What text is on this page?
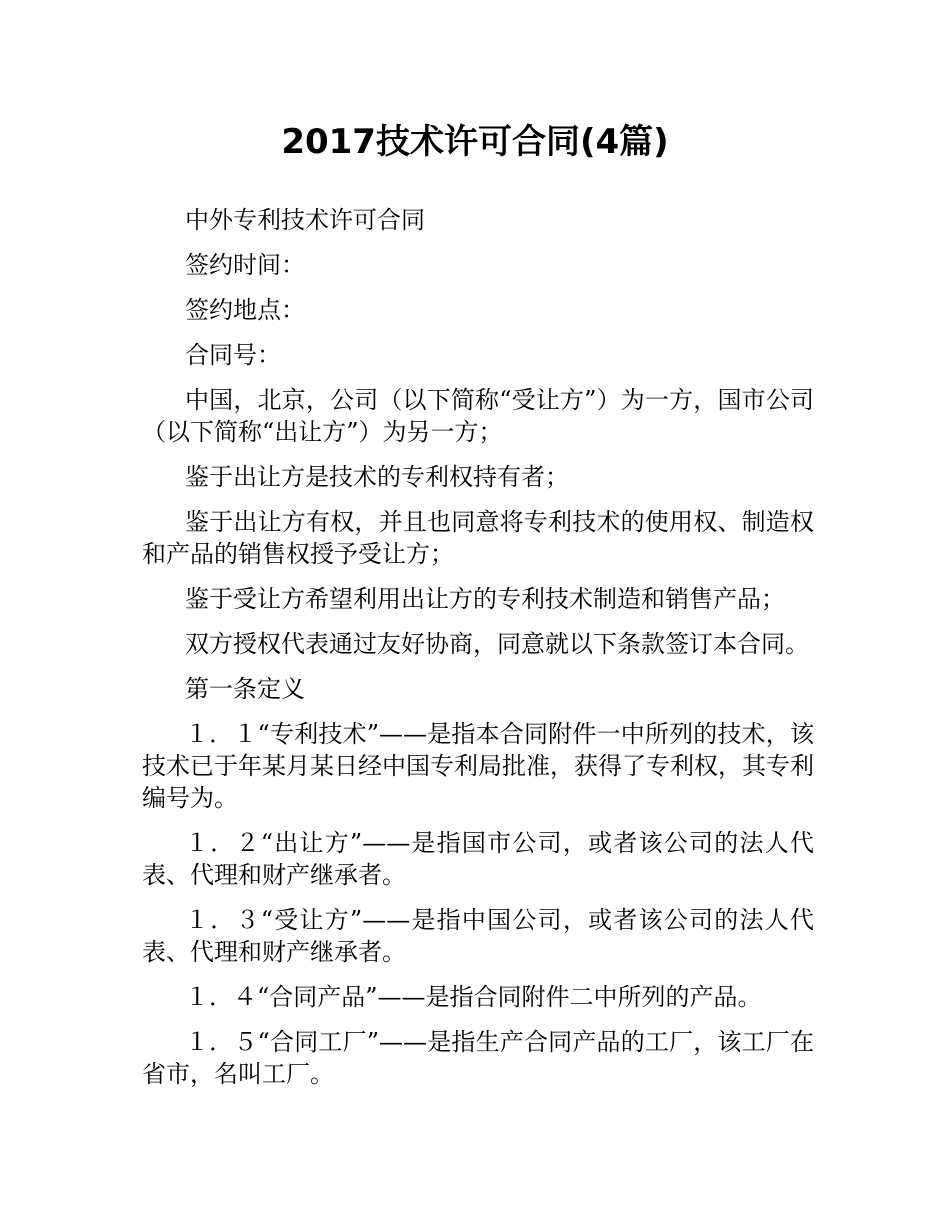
2017技术许可合同(4篇)

中外专利技术许可合同

签约时间：

签约地点：

合同号：

中国，北京，公司（以下简称“受让方”）为一方，国市公司（以下简称“出让方”）为另一方；

鉴于出让方是技术的专利权持有者；

鉴于出让方有权，并且也同意将专利技术的使用权、制造权和产品的销售权授予受让方；

鉴于受让方希望利用出让方的专利技术制造和销售产品；

双方授权代表通过友好协商，同意就以下条款签订本合同。

第一条定义

１．１“专利技术”——是指本合同附件一中所列的技术，该技术已于年某月某日经中国专利局批准，获得了专利权，其专利编号为。

１．２“出让方”——是指国市公司，或者该公司的法人代表、代理和财产继承者。

１．３“受让方”——是指中国公司，或者该公司的法人代表、代理和财产继承者。

１．４“合同产品”——是指合同附件二中所列的产品。

１．５“合同工厂”——是指生产合同产品的工厂，该工厂在省市，名叫工厂。
